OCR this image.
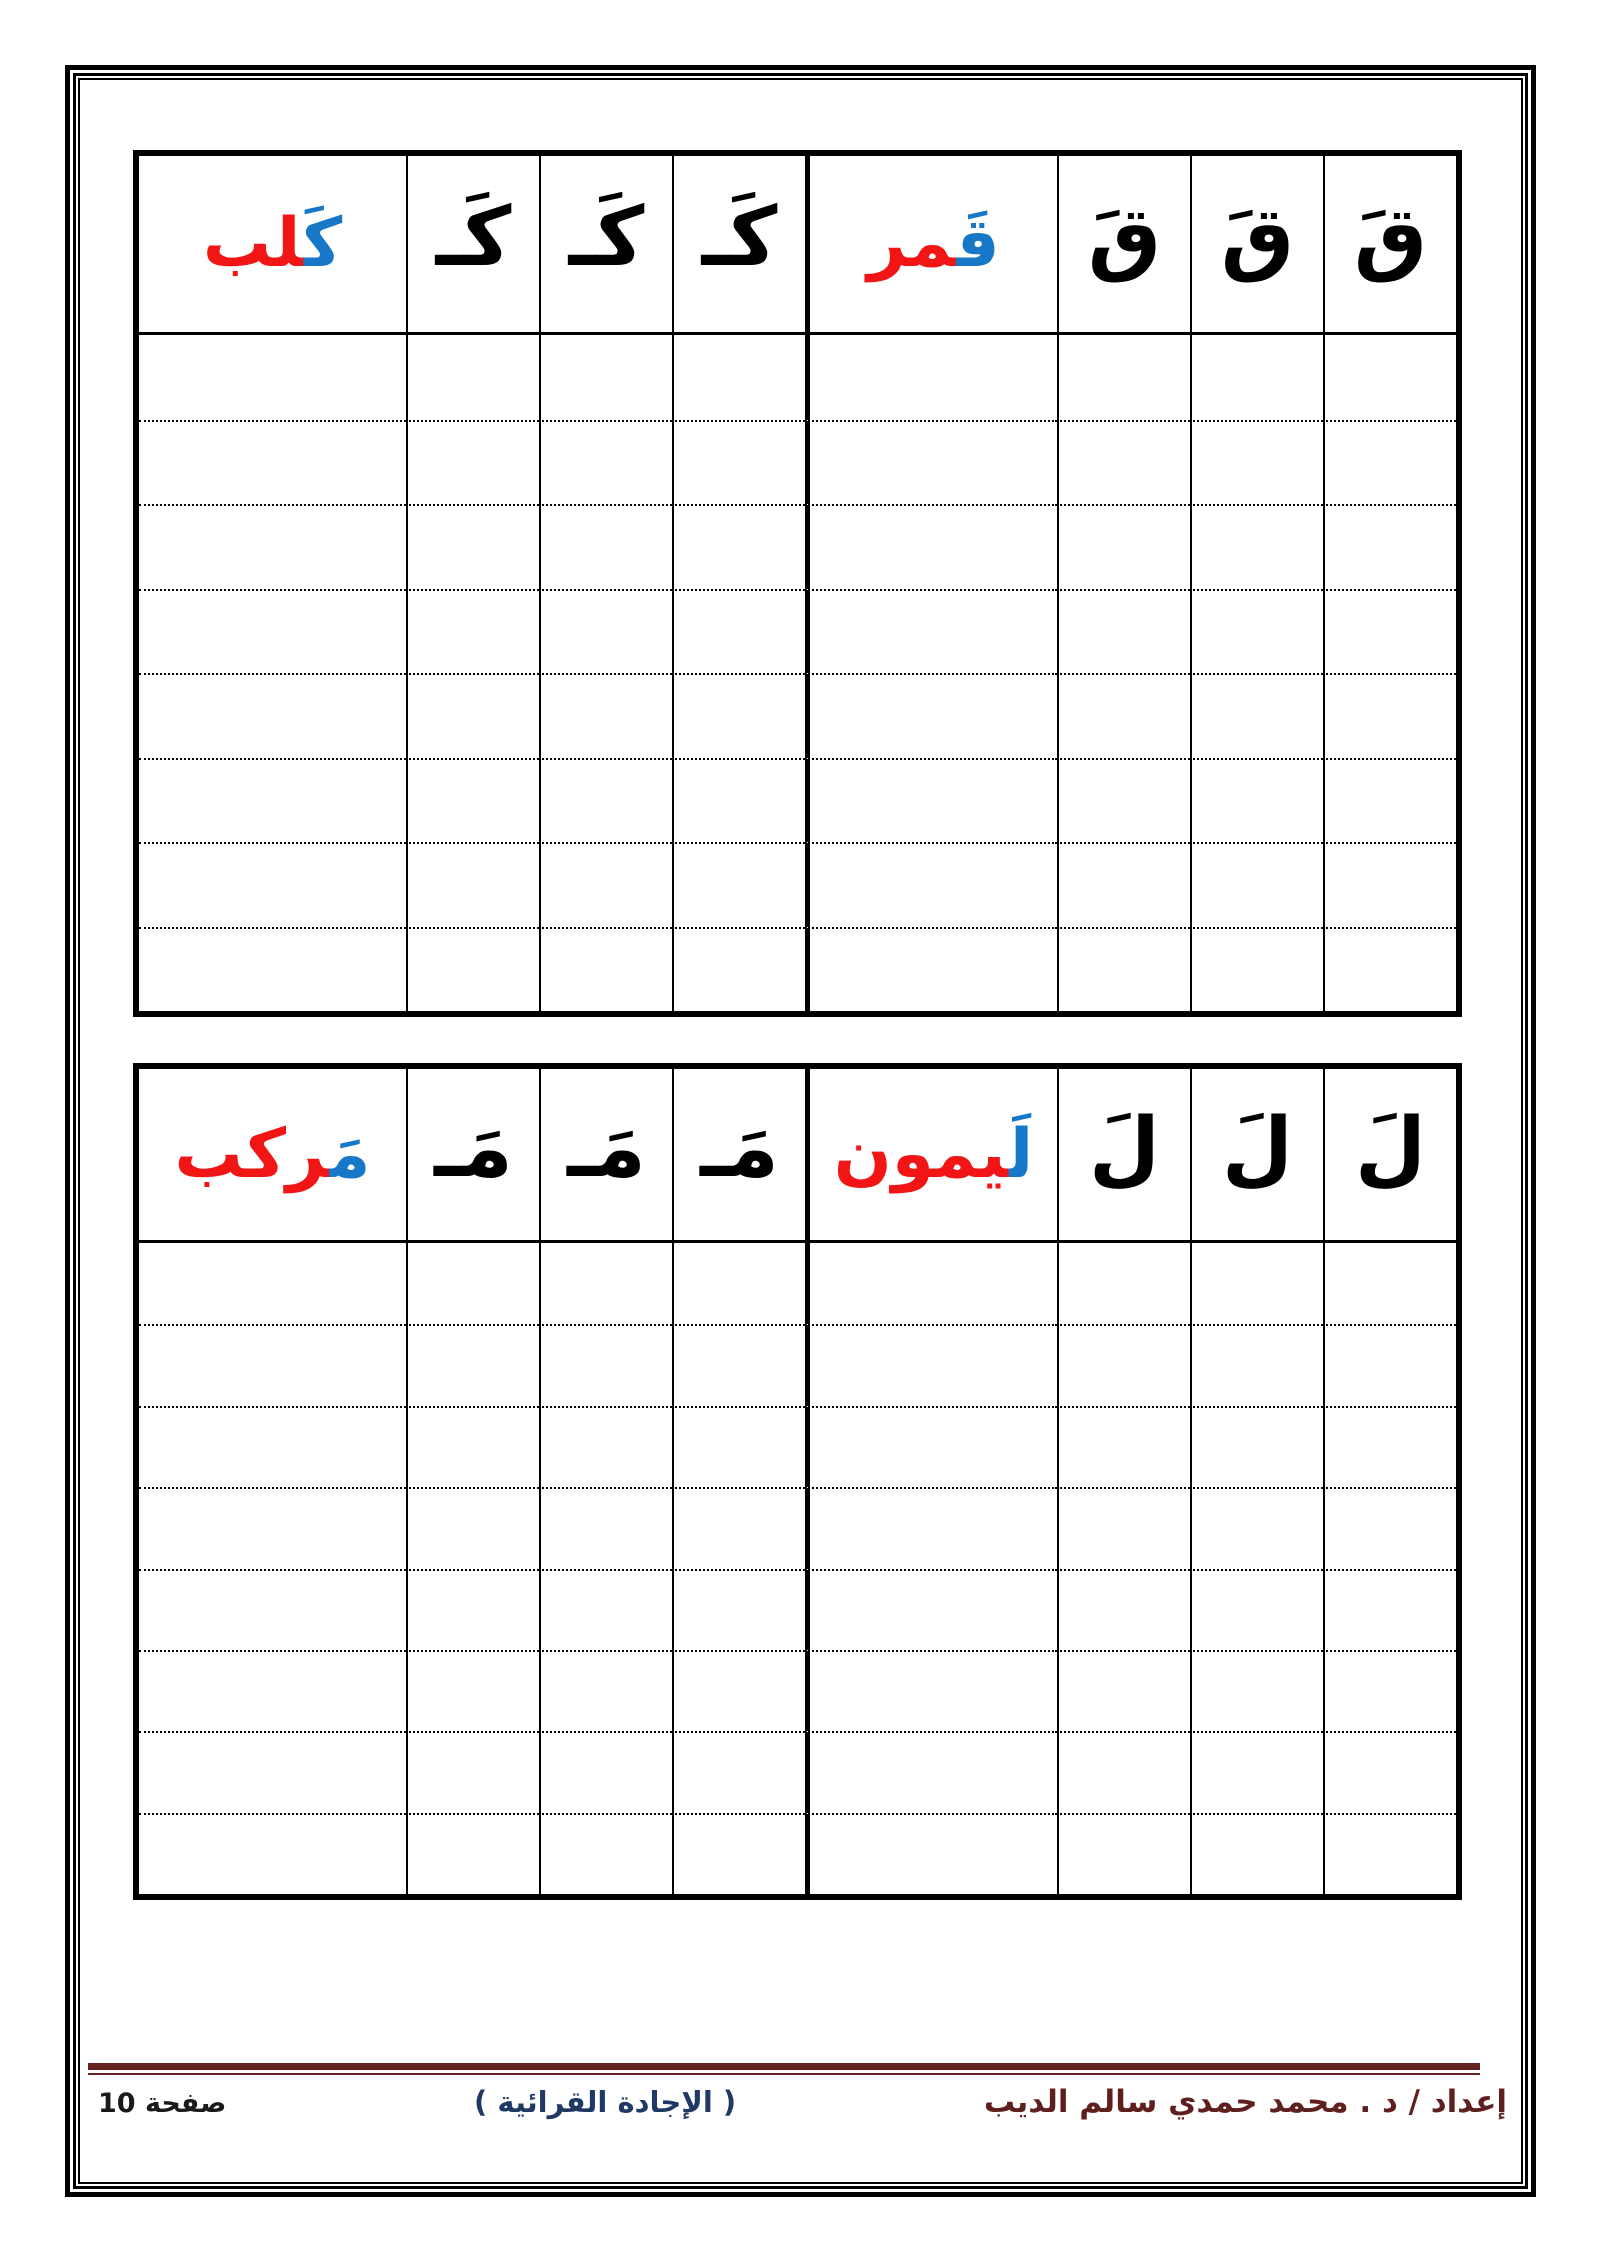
قَ
قَ
قَ
قَ‍
‍مر
كَـ
كَـ
كَـ
كَ‍
‍لب
لَ
لَ
لَ
لَ‍
‍يمون
مَـ
مَـ
مَـ
مَ‍
‍ركب
إعداد / د . محمد حمدي سالم الديب
( الإجادة القرائية )
صفحة 10
